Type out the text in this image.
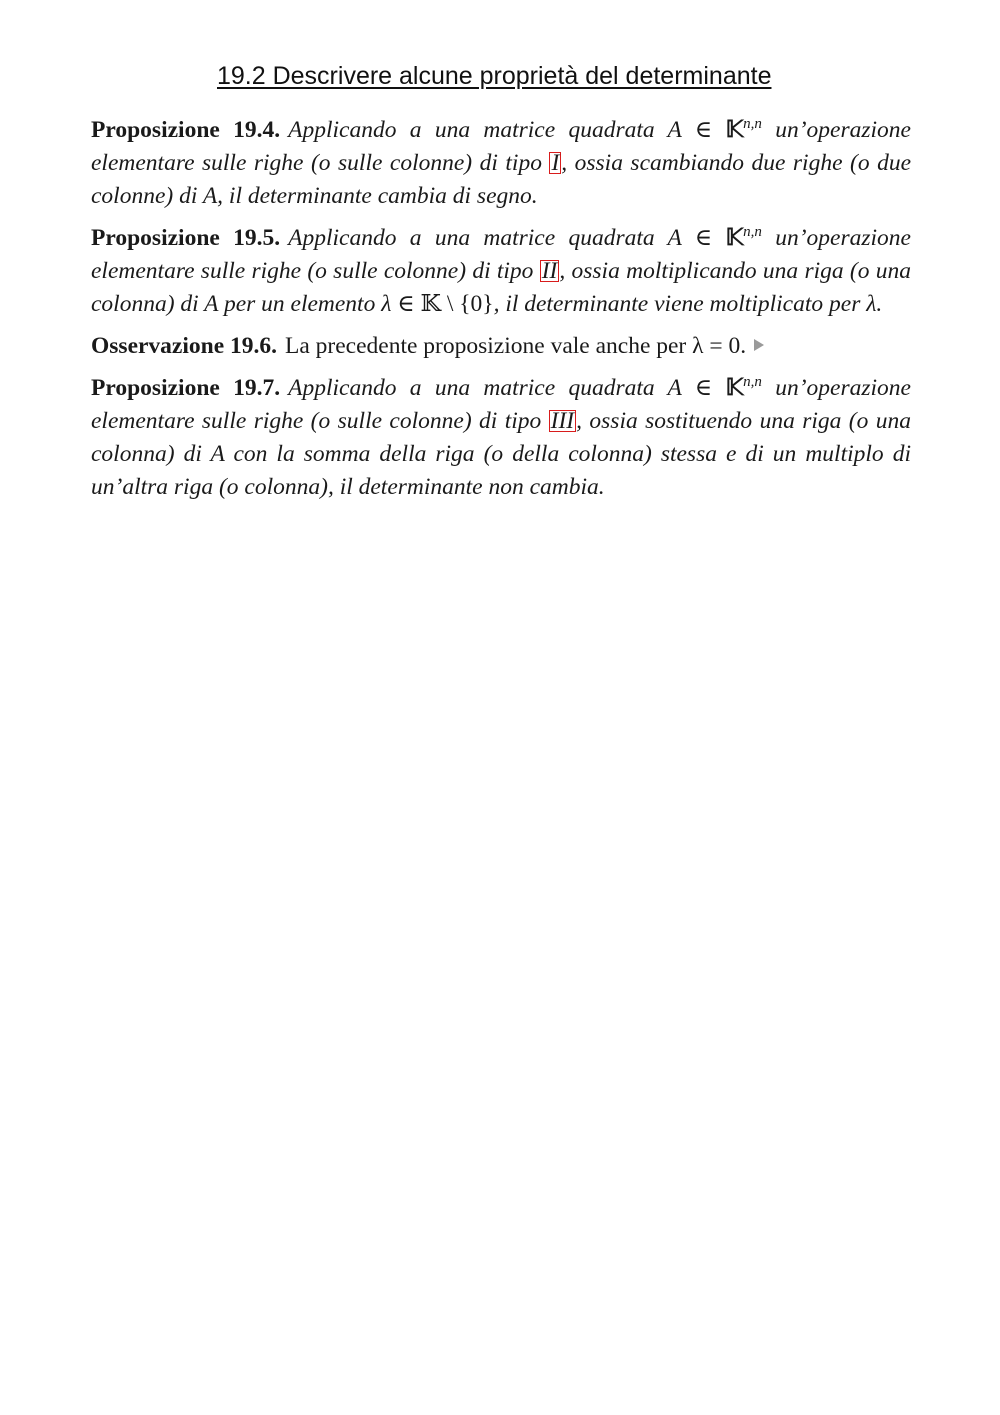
19.2 Descrivere alcune proprietà del determinante

Proposizione 19.4. Applicando a una matrice quadrata A ∈ 𝕂$^{n,n}$ un’operazione elementare sulle righe (o sulle colonne) di tipo I, ossia scambiando due righe (o due colonne) di A, il determinante cambia di segno.

Proposizione 19.5. Applicando a una matrice quadrata A ∈ 𝕂$^{n,n}$ un’operazione elementare sulle righe (o sulle colonne) di tipo II, ossia moltiplicando una riga (o una colonna) di A per un elemento λ ∈ 𝕂 \ {0}, il determinante viene moltiplicato per λ.

Osservazione 19.6. La precedente proposizione vale anche per λ = 0.

Proposizione 19.7. Applicando a una matrice quadrata A ∈ 𝕂$^{n,n}$ un’operazione elementare sulle righe (o sulle colonne) di tipo III, ossia sostituendo una riga (o una colonna) di A con la somma della riga (o della colonna) stessa e di un multiplo di un’altra riga (o colonna), il determinante non cambia.
